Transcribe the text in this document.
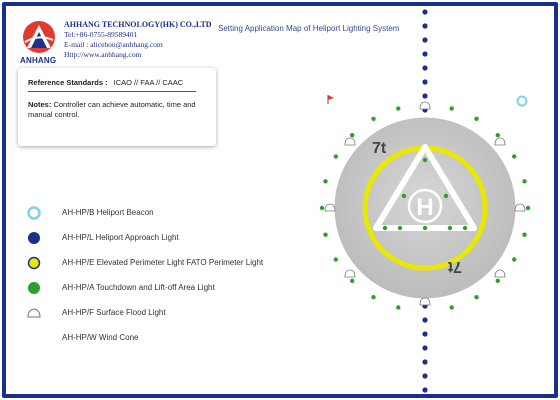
ANHANG
AHHANG TECHNOLOGY(HK) CO.,LTD
Tel:+86-0755-89589401
E-mail : alicehou@anhhang.com
Http://www.anhhang.com
Setting Application Map of Heliport Lighting System
Reference Standards : ICAO // FAA // CAAC
Notes: Controller can achieve automatic, time and manual control.
AH-HP/B Heliport Beacon
AH-HP/L Heliport Approach Light
AH-HP/E Elevated Perimeter Light FATO Perimeter Light
AH-HP/A Touchdown and Lift-off Area Light
AH-HP/F Surface Flood Light
AH-HP/W Wind Cone
5-3
years warranty
H
7t
7t
